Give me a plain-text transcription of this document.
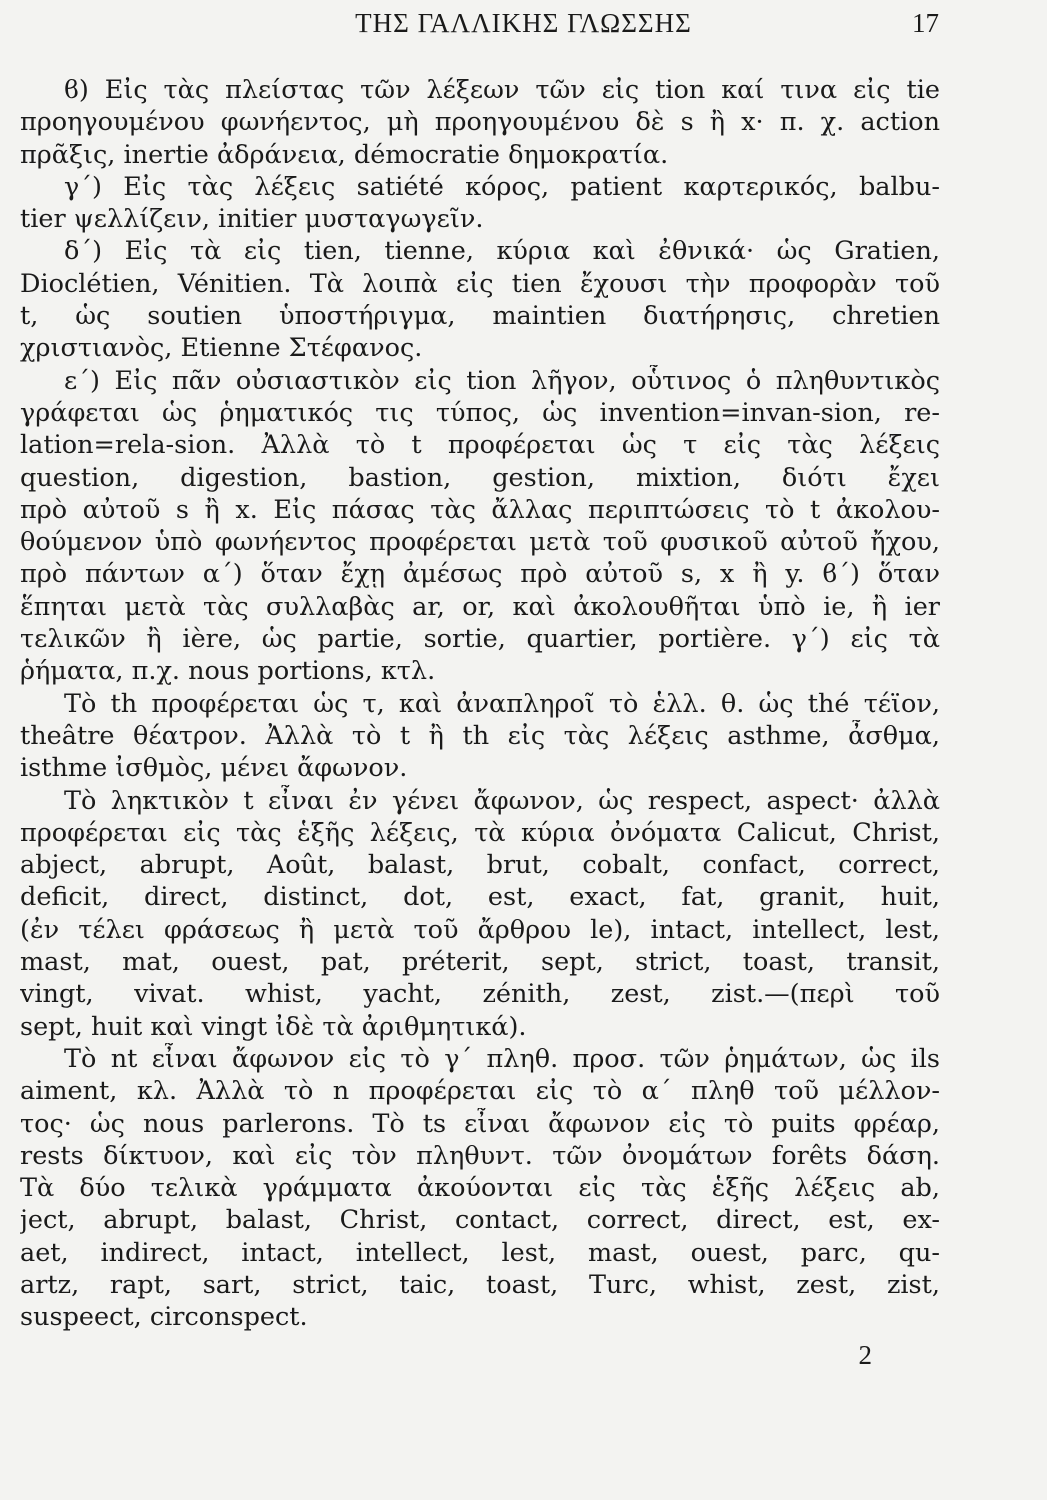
ΤΗΣ ΓΑΛΛΙΚΗΣ ΓΛΩΣΣΗΣ	17
ϐ) Εἰς τὰς πλείστας τῶν λέξεων τῶν εἰς tion καί τινα εἰς tie
προηγουμένου φωνήεντος, μὴ προηγουμένου δὲ s ἢ x· π. χ. action
πρᾶξις, inertie ἀδράνεια, démocratie δημοκρατία.
γ΄) Εἰς τὰς λέξεις satiété κόρος, patient καρτερικός, balbu-
tier ψελλίζειν, initier μυσταγωγεῖν.
δ΄) Εἰς τὰ εἰς tien, tienne, κύρια καὶ ἐθνικά· ὡς Gratien,
Dioclétien, Vénitien. Τὰ λοιπὰ εἰς tien ἔχουσι τὴν προφορὰν τοῦ
t, ὡς soutien ὑποστήριγμα, maintien διατήρησις, chretien
χριστιανὸς, Etienne Στέφανος.
ε΄) Εἰς πᾶν οὐσιαστικὸν εἰς tion λῆγον, οὗτινος ὁ πληθυντικὸς
γράφεται ὡς ῥηματικός τις τύπος, ὡς invention=invan-sion, re-
lation=rela-sion. Ἀλλὰ τὸ t προφέρεται ὡς τ εἰς τὰς λέξεις
question, digestion, bastion, gestion, mixtion, διότι ἔχει
πρὸ αὐτοῦ s ἢ x. Εἰς πάσας τὰς ἄλλας περιπτώσεις τὸ t ἀκολου-
θούμενον ὑπὸ φωνήεντος προφέρεται μετὰ τοῦ φυσικοῦ αὐτοῦ ἤχου,
πρὸ πάντων α΄) ὅταν ἔχῃ ἀμέσως πρὸ αὐτοῦ s, x ἢ y. ϐ΄) ὅταν
ἕπηται μετὰ τὰς συλλαβὰς ar, or, καὶ ἀκολουθῆται ὑπὸ ie, ἢ ier
τελικῶν ἢ ière, ὡς partie, sortie, quartier, portière. γ΄) εἰς τὰ
ῥήματα, π.χ. nous portions, κτλ.
Τὸ th προφέρεται ὡς τ, καὶ ἀναπληροῖ τὸ ἑλλ. θ. ὡς thé τέϊον,
theâtre θέατρον. Ἀλλὰ τὸ t ἢ th εἰς τὰς λέξεις asthme, ἆσθμα,
isthme ἰσθμὸς, μένει ἄφωνον.
Τὸ ληκτικὸν t εἶναι ἐν γένει ἄφωνον, ὡς respect, aspect· ἀλλὰ
προφέρεται εἰς τὰς ἑξῆς λέξεις, τὰ κύρια ὀνόματα Calicut, Christ,
abject, abrupt, Août, balast, brut, cobalt, confact, correct,
deficit, direct, distinct, dot, est, exact, fat, granit, huit,
(ἐν τέλει φράσεως ἢ μετὰ τοῦ ἄρθρου le), intact, intellect, lest,
mast, mat, ouest, pat, préterit, sept, strict, toast, transit,
vingt, vivat. whist, yacht, zénith, zest, zist.—(περὶ τοῦ
sept, huit καὶ vingt ἰδὲ τὰ ἀριθμητικά).
Τὸ nt εἶναι ἄφωνον εἰς τὸ γ΄ πληθ. προσ. τῶν ῥημάτων, ὡς ils
aiment, κλ. Ἀλλὰ τὸ n προφέρεται εἰς τὸ α΄ πληθ τοῦ μέλλον-
τος· ὡς nous parlerons. Τὸ ts εἶναι ἄφωνον εἰς τὸ puits φρέαρ,
rests δίκτυον, καὶ εἰς τὸν πληθυντ. τῶν ὀνομάτων forêts δάση.
Τὰ δύο τελικὰ γράμματα ἀκούονται εἰς τὰς ἑξῆς λέξεις ab,
ject, abrupt, balast, Christ, contact, correct, direct, est, ex-
aet, indirect, intact, intellect, lest, mast, ouest, parc, qu-
artz, rapt, sart, strict, taic, toast, Turc, whist, zest, zist,
suspeect, circonspect.
2
